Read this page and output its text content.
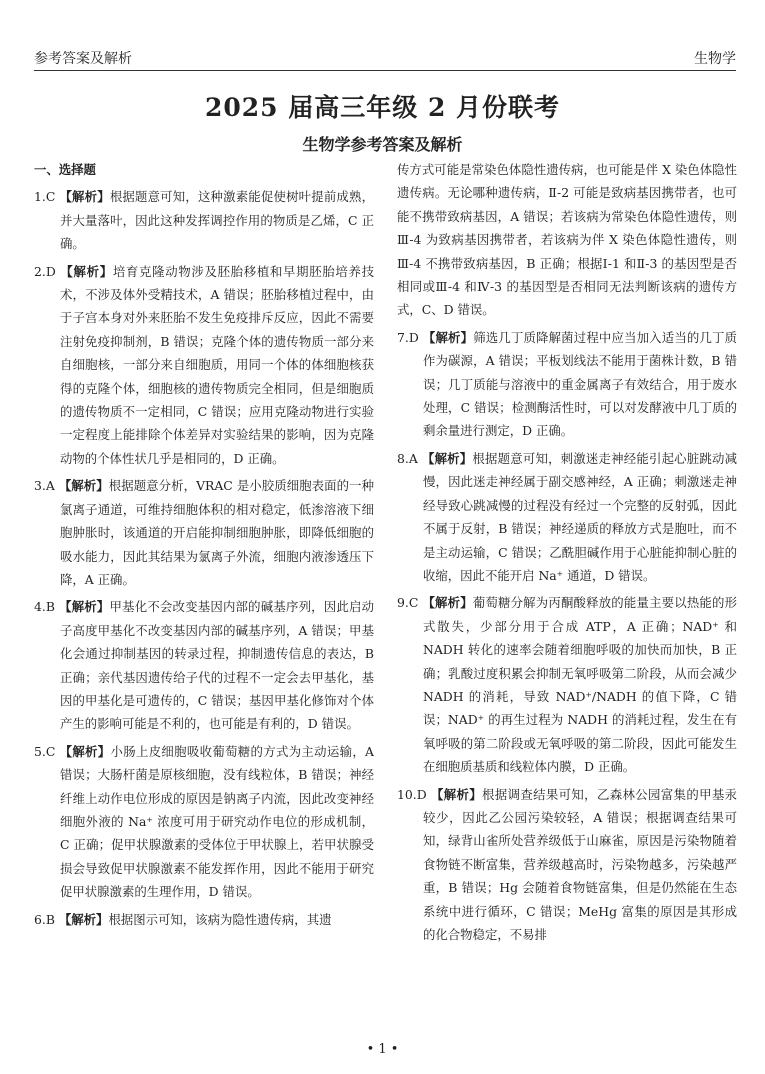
参考答案及解析	生物学
2025 届高三年级 2 月份联考
生物学参考答案及解析

一、选择题

1.C 【解析】根据题意可知，这种激素能促使树叶提前成熟，并大量落叶，因此这种发挥调控作用的物质是乙烯，C 正确。

2.D 【解析】培育克隆动物涉及胚胎移植和早期胚胎培养技术，不涉及体外受精技术，A 错误；胚胎移植过程中，由于子宫本身对外来胚胎不发生免疫排斥反应，因此不需要注射免疫抑制剂，B 错误；克隆个体的遗传物质一部分来自细胞核，一部分来自细胞质，用同一个体的体细胞核获得的克隆个体，细胞核的遗传物质完全相同，但是细胞质的遗传物质不一定相同，C 错误；应用克隆动物进行实验一定程度上能排除个体差异对实验结果的影响，因为克隆动物的个体性状几乎是相同的，D 正确。

3.A 【解析】根据题意分析，VRAC 是小胶质细胞表面的一种氯离子通道，可维持细胞体积的相对稳定，低渗溶液下细胞肿胀时，该通道的开启能抑制细胞肿胀，即降低细胞的吸水能力，因此其结果为氯离子外流，细胞内液渗透压下降，A 正确。

4.B 【解析】甲基化不会改变基因内部的碱基序列，因此启动子高度甲基化不改变基因内部的碱基序列，A 错误；甲基化会通过抑制基因的转录过程，抑制遗传信息的表达，B 正确；亲代基因遗传给子代的过程不一定会去甲基化，基因的甲基化是可遗传的，C 错误；基因甲基化修饰对个体产生的影响可能是不利的，也可能是有利的，D 错误。

5.C 【解析】小肠上皮细胞吸收葡萄糖的方式为主动运输，A 错误；大肠杆菌是原核细胞，没有线粒体，B 错误；神经纤维上动作电位形成的原因是钠离子内流，因此改变神经细胞外液的 Na⁺ 浓度可用于研究动作电位的形成机制，C 正确；促甲状腺激素的受体位于甲状腺上，若甲状腺受损会导致促甲状腺激素不能发挥作用，因此不能用于研究促甲状腺激素的生理作用，D 错误。

6.B 【解析】根据图示可知，该病为隐性遗传病，其遗

传方式可能是常染色体隐性遗传病，也可能是伴 X 染色体隐性遗传病。无论哪种遗传病，Ⅱ-2 可能是致病基因携带者，也可能不携带致病基因，A 错误；若该病为常染色体隐性遗传，则Ⅲ-4 为致病基因携带者，若该病为伴 X 染色体隐性遗传，则Ⅲ-4 不携带致病基因，B 正确；根据Ⅰ-1 和Ⅱ-3 的基因型是否相同或Ⅲ-4 和Ⅳ-3 的基因型是否相同无法判断该病的遗传方式，C、D 错误。

7.D 【解析】筛选几丁质降解菌过程中应当加入适当的几丁质作为碳源，A 错误；平板划线法不能用于菌株计数，B 错误；几丁质能与溶液中的重金属离子有效结合，用于废水处理，C 错误；检测酶活性时，可以对发酵液中几丁质的剩余量进行测定，D 正确。

8.A 【解析】根据题意可知，刺激迷走神经能引起心脏跳动减慢，因此迷走神经属于副交感神经，A 正确；刺激迷走神经导致心跳减慢的过程没有经过一个完整的反射弧，因此不属于反射，B 错误；神经递质的释放方式是胞吐，而不是主动运输，C 错误；乙酰胆碱作用于心脏能抑制心脏的收缩，因此不能开启 Na⁺ 通道，D 错误。

9.C 【解析】葡萄糖分解为丙酮酸释放的能量主要以热能的形式散失，少部分用于合成 ATP，A 正确；NAD⁺ 和 NADH 转化的速率会随着细胞呼吸的加快而加快，B 正确；乳酸过度积累会抑制无氧呼吸第二阶段，从而会减少 NADH 的消耗，导致 NAD⁺/NADH 的值下降，C 错误；NAD⁺ 的再生过程为 NADH 的消耗过程，发生在有氧呼吸的第二阶段或无氧呼吸的第二阶段，因此可能发生在细胞质基质和线粒体内膜，D 正确。

10.D 【解析】根据调查结果可知，乙森林公园富集的甲基汞较少，因此乙公园污染较轻，A 错误；根据调查结果可知，绿背山雀所处营养级低于山麻雀，原因是污染物随着食物链不断富集，营养级越高时，污染物越多，污染越严重，B 错误；Hg 会随着食物链富集，但是仍然能在生态系统中进行循环，C 错误；MeHg 富集的原因是其形成的化合物稳定，不易排

• 1 •
